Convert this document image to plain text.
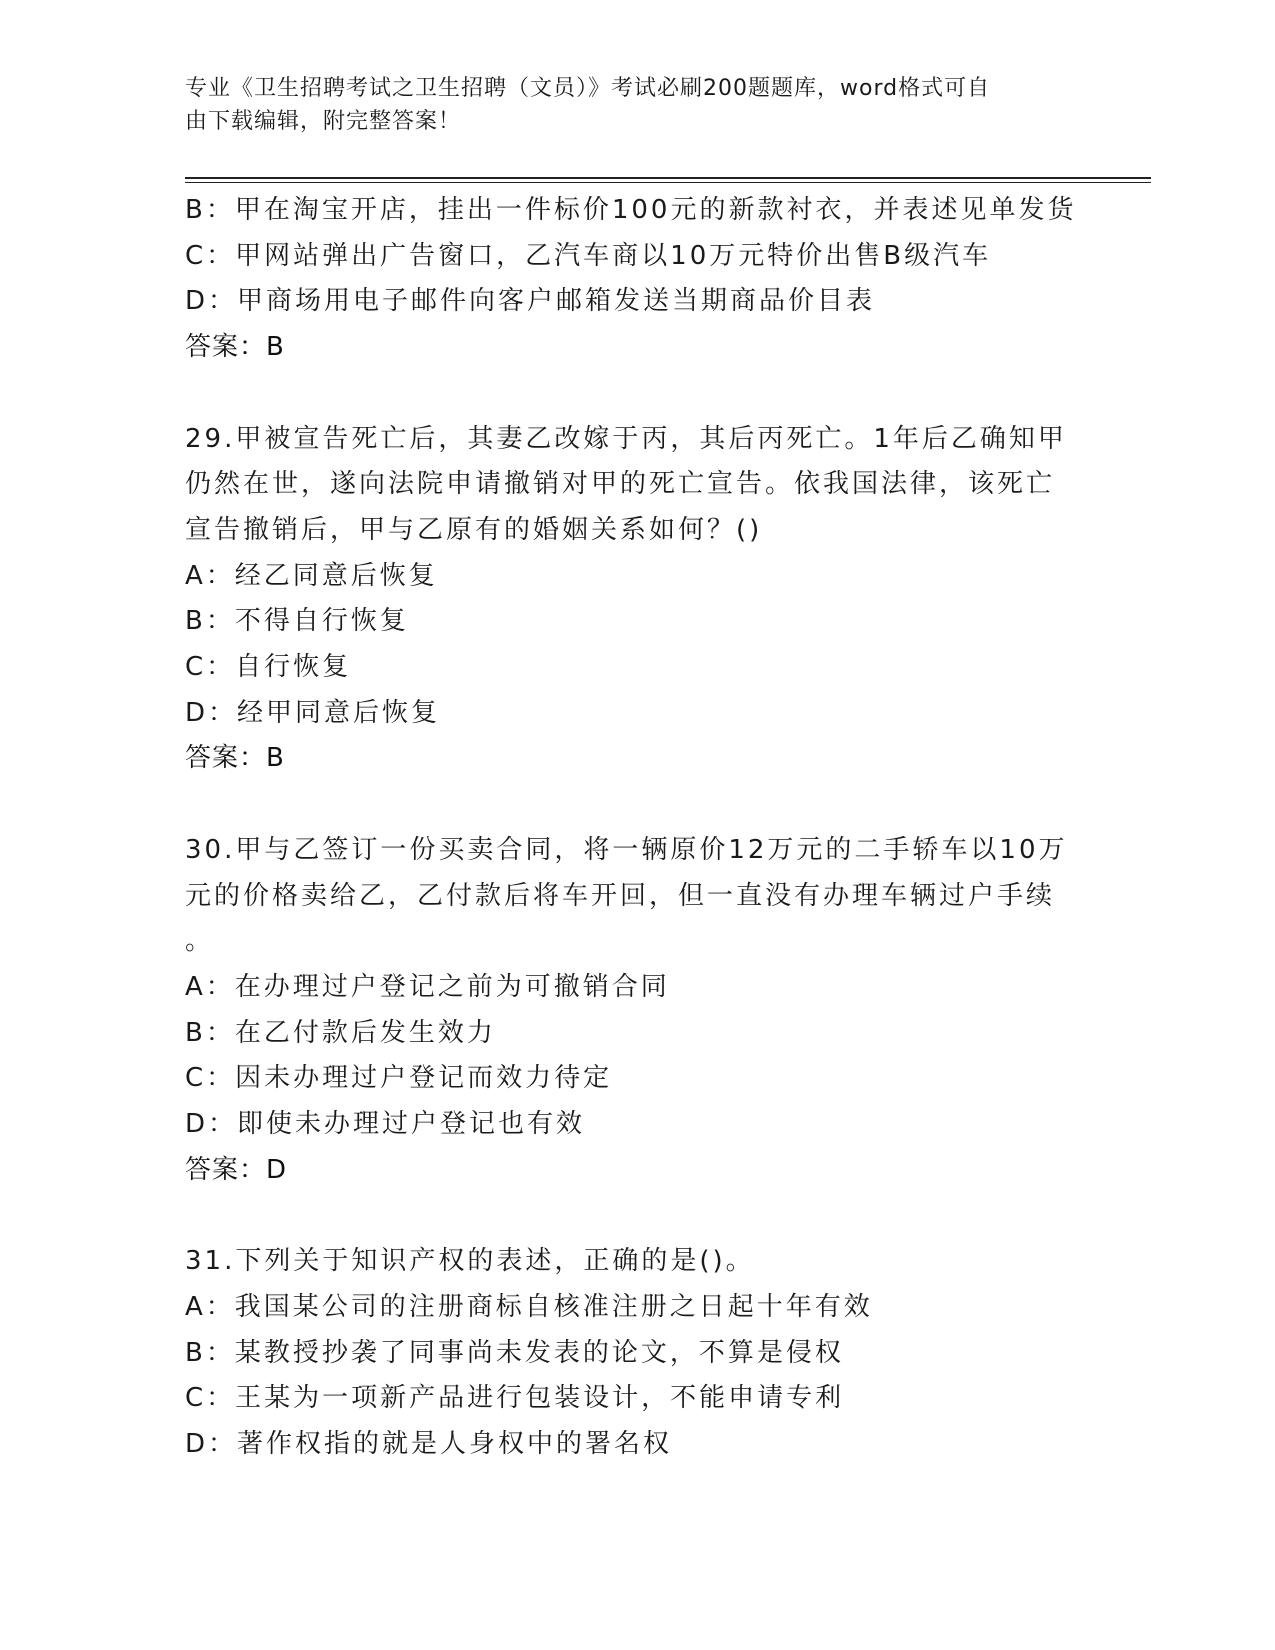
专业《卫生招聘考试之卫生招聘（文员）》考试必刷200题题库，word格式可自
由下载编辑，附完整答案！
B：甲在淘宝开店，挂出一件标价100元的新款衬衣，并表述见单发货
C：甲网站弹出广告窗口，乙汽车商以10万元特价出售B级汽车
D：甲商场用电子邮件向客户邮箱发送当期商品价目表
答案：B
29.甲被宣告死亡后，其妻乙改嫁于丙，其后丙死亡。1年后乙确知甲
仍然在世，遂向法院申请撤销对甲的死亡宣告。依我国法律，该死亡
宣告撤销后，甲与乙原有的婚姻关系如何？()
A：经乙同意后恢复
B：不得自行恢复
C：自行恢复
D：经甲同意后恢复
答案：B
30.甲与乙签订一份买卖合同，将一辆原价12万元的二手轿车以10万
元的价格卖给乙，乙付款后将车开回，但一直没有办理车辆过户手续
。
A：在办理过户登记之前为可撤销合同
B：在乙付款后发生效力
C：因未办理过户登记而效力待定
D：即使未办理过户登记也有效
答案：D
31.下列关于知识产权的表述，正确的是()。
A：我国某公司的注册商标自核准注册之日起十年有效
B：某教授抄袭了同事尚未发表的论文，不算是侵权
C：王某为一项新产品进行包装设计，不能申请专利
D：著作权指的就是人身权中的署名权
